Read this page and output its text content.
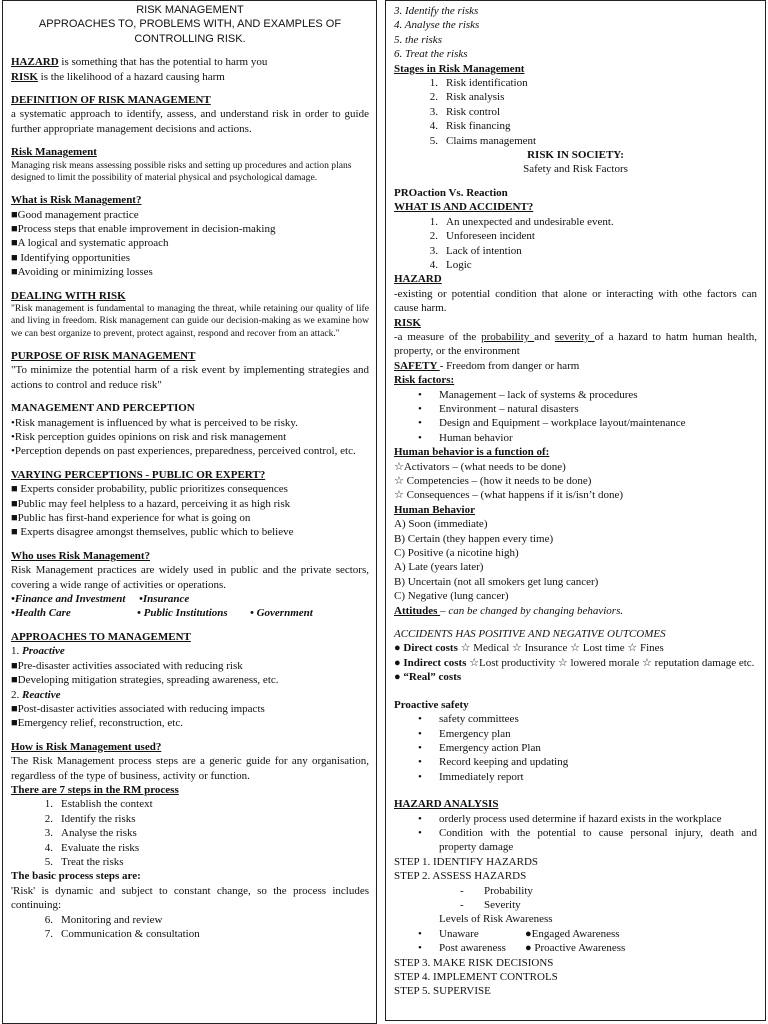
RISK MANAGEMENT
APPROACHES TO, PROBLEMS WITH, AND EXAMPLES OF
CONTROLLING RISK.
HAZARD is something that has the potential to harm you
RISK is the likelihood of a hazard causing harm
DEFINITION OF RISK MANAGEMENT
a systematic approach to identify, assess, and understand risk in order to guide further appropriate management decisions and actions.
Risk Management
Managing risk means assessing possible risks and setting up procedures and action plans designed to limit the possibility of material physical and psychological damage.
What is Risk Management?
■Good management practice
■Process steps that enable improvement in decision-making
■A logical and systematic approach
■ Identifying opportunities
■Avoiding or minimizing losses
DEALING WITH RISK
"Risk management is fundamental to managing the threat, while retaining our quality of life and living in freedom. Risk management can guide our decision-making as we examine how we can best organize to prevent, protect against, respond and recover from an attack."
PURPOSE OF RISK MANAGEMENT
"To minimize the potential harm of a risk event by implementing strategies and actions to control and reduce risk"
MANAGEMENT AND PERCEPTION
•Risk management is influenced by what is perceived to be risky.
•Risk perception guides opinions on risk and risk management
•Perception depends on past experiences, preparedness, perceived control, etc.
VARYING PERCEPTIONS - PUBLIC OR EXPERT?
■ Experts consider probability, public prioritizes consequences
■Public may feel helpless to a hazard, perceiving it as high risk
■Public has first-hand experience for what is going on
■ Experts disagree amongst themselves, public which to believe
Who uses Risk Management?
Risk Management practices are widely used in public and the private sectors, covering a wide range of activities or operations.
•Finance and Investment •Insurance
•Health Care	• Public Institutions • Government
APPROACHES TO MANAGEMENT
1. Proactive
■Pre-disaster activities associated with reducing risk
■Developing mitigation strategies, spreading awareness, etc.
2. Reactive
■Post-disaster activities associated with reducing impacts
■Emergency relief, reconstruction, etc.
How is Risk Management used?
The Risk Management process steps are a generic guide for any organisation, regardless of the type of business, activity or function.
There are 7 steps in the RM process
1. Establish the context
2. Identify the risks
3. Analyse the risks
4. Evaluate the risks
5. Treat the risks
The basic process steps are:
'Risk' is dynamic and subject to constant change, so the process includes continuing:
6. Monitoring and review
7. Communication & consultation
3. Identify the risks
4. Analyse the risks
5. the risks
6. Treat the risks
Stages in Risk Management
1. Risk identification
2. Risk analysis
3. Risk control
4. Risk financing
5. Claims management
RISK IN SOCIETY:
Safety and Risk Factors
PROaction Vs. Reaction
WHAT IS AND ACCIDENT?
1. An unexpected and undesirable event.
2. Unforeseen incident
3. Lack of intention
4. Logic
HAZARD
-existing or potential condition that alone or interacting with othe factors can cause harm.
RISK
-a measure of the probability and severity of a hazard to hatm human health, property, or the environment
SAFETY - Freedom from danger or harm
Risk factors:
• Management – lack of systems & procedures
• Environment – natural disasters
• Design and Equipment – workplace layout/maintenance
• Human behavior
Human behavior is a function of:
☆Activators – (what needs to be done)
☆ Competencies – (how it needs to be done)
☆ Consequences – (what happens if it is/isn’t done)
Human Behavior
A) Soon (immediate)
B) Certain (they happen every time)
C) Positive (a nicotine high)
A) Late (years later)
B) Uncertain (not all smokers get lung cancer)
C) Negative (lung cancer)
Attitudes – can be changed by changing behaviors.
ACCIDENTS HAS POSITIVE AND NEGATIVE OUTCOMES
● Direct costs ☆ Medical ☆ Insurance ☆ Lost time ☆ Fines
● Indirect costs ☆Lost productivity ☆ lowered morale ☆ reputation damage etc.
● “Real” costs
Proactive safety
• safety committees
• Emergency plan
• Emergency action Plan
• Record keeping and updating
• Immediately report
HAZARD ANALYSIS
• orderly process used determine if hazard exists in the workplace
• Condition with the potential to cause personal injury, death and property damage
STEP 1. IDENTIFY HAZARDS
STEP 2. ASSESS HAZARDS
- Probability
- Severity
Levels of Risk Awareness
• Unaware	●Engaged Awareness
• Post awareness ● Proactive Awareness
STEP 3. MAKE RISK DECISIONS
STEP 4. IMPLEMENT CONTROLS
STEP 5. SUPERVISE
